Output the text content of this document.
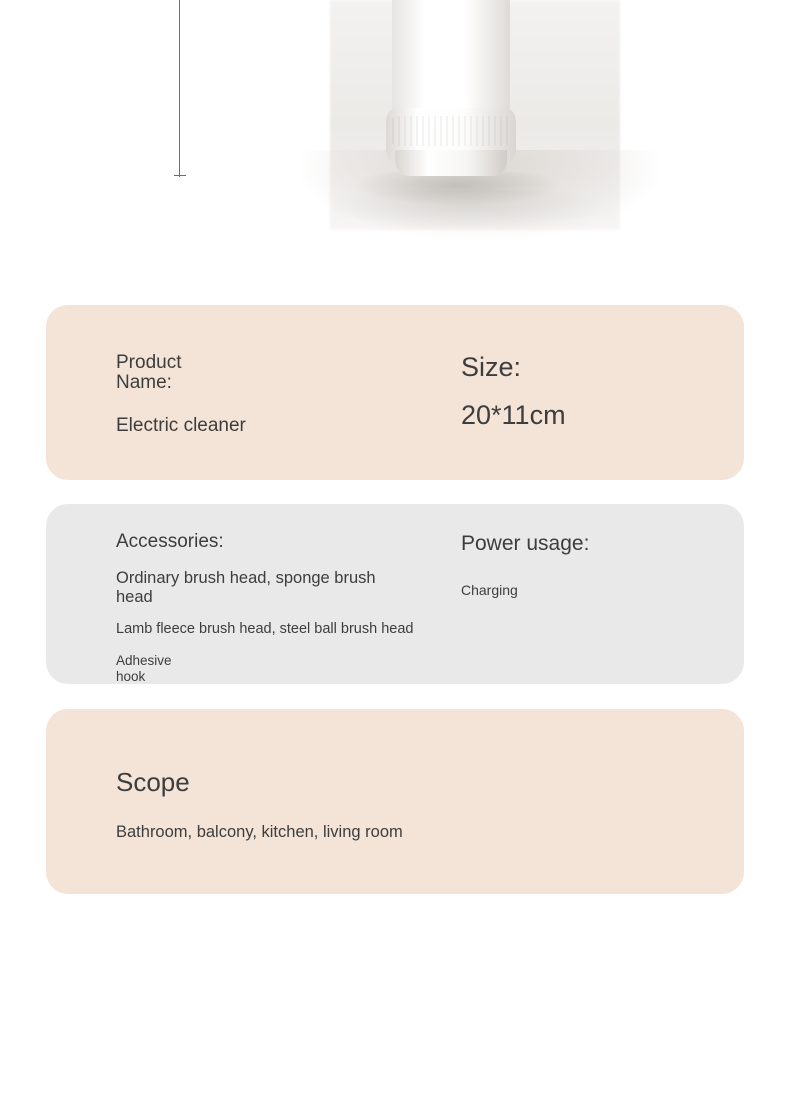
Product Name:
Electric cleaner
Size:
20*11cm
Accessories:
Ordinary brush head, sponge brush head
Lamb fleece brush head, steel ball brush head
Adhesive hook
Power usage:
Charging
Scope
Bathroom, balcony, kitchen, living room
